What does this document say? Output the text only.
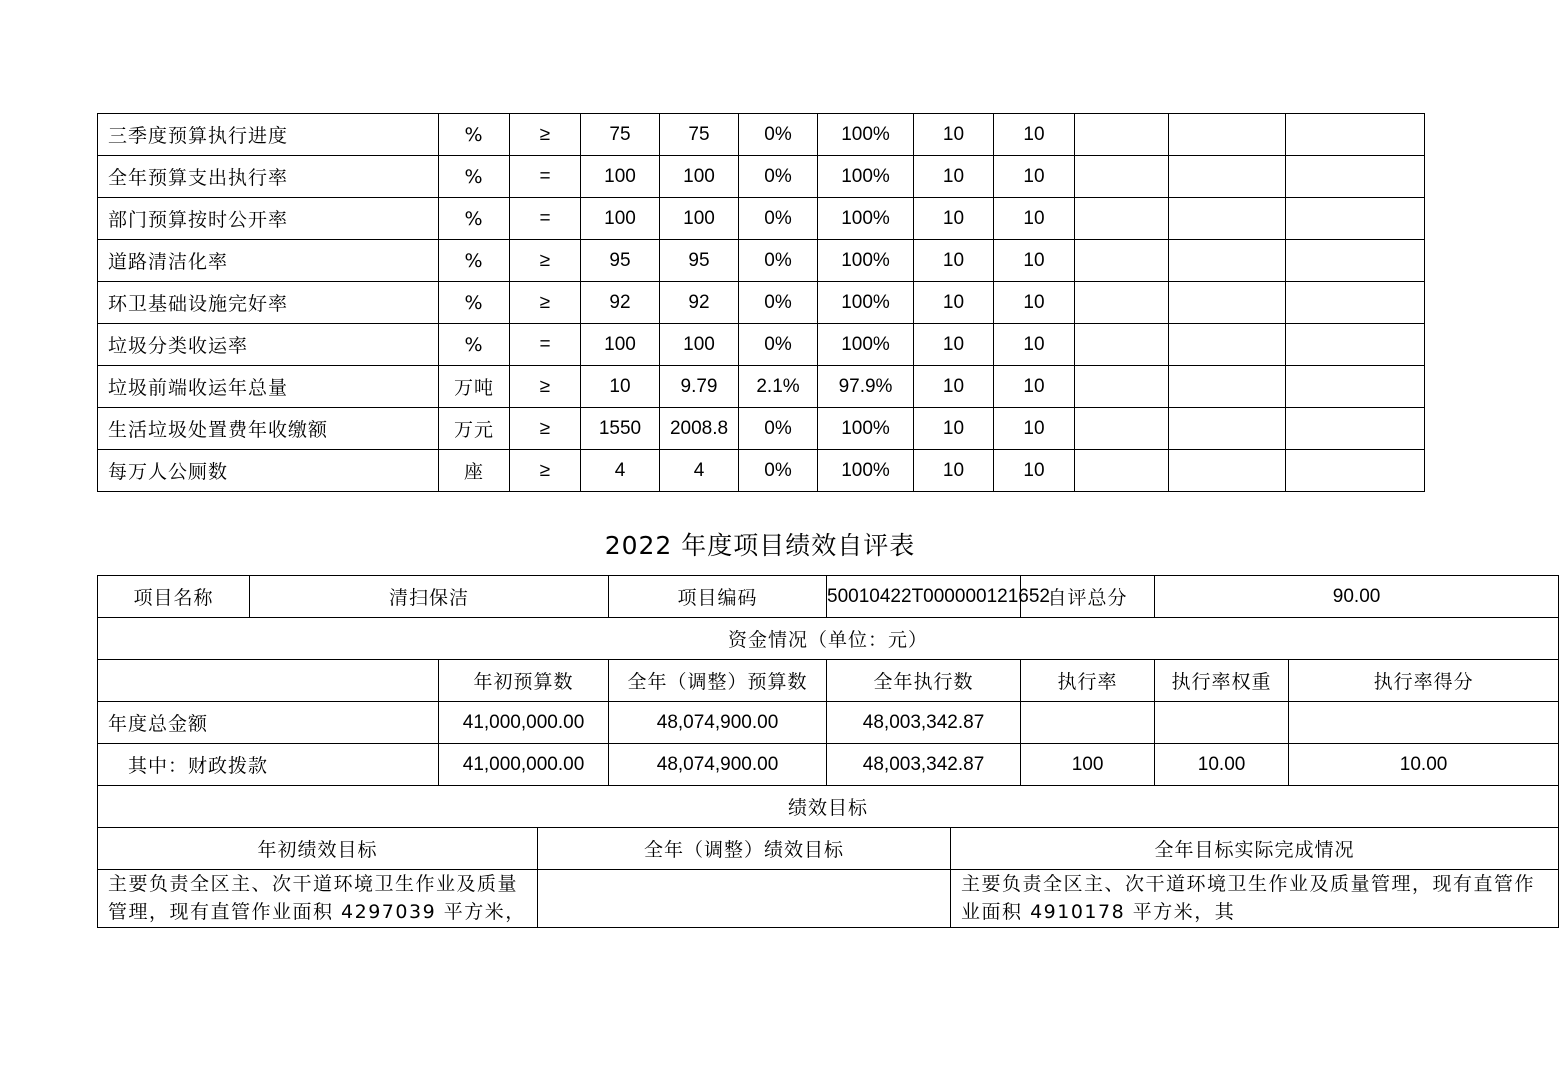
三季度预算执行进度	%	≥	75	75	0%	100%	10	10			
全年预算支出执行率	%	=	100	100	0%	100%	10	10			
部门预算按时公开率	%	=	100	100	0%	100%	10	10			
道路清洁化率	%	≥	95	95	0%	100%	10	10			
环卫基础设施完好率	%	≥	92	92	0%	100%	10	10			
垃圾分类收运率	%	=	100	100	0%	100%	10	10			
垃圾前端收运年总量	万吨	≥	10	9.79	2.1%	97.9%	10	10			
生活垃圾处置费年收缴额	万元	≥	1550	2008.8	0%	100%	10	10			
每万人公厕数	座	≥	4	4	0%	100%	10	10			
2022 年度项目绩效自评表
项目名称	清扫保洁			项目编码	50010422T000000121652		自评总分	90.00	
资金情况（单位：元）									
		年初预算数		全年（调整）预算数	全年执行数		执行率	执行率权重	执行率得分
年度总金额		41,000,000.00		48,074,900.00	48,003,342.87				
其中：财政拨款		41,000,000.00		48,074,900.00	48,003,342.87		100	10.00	10.00
绩效目标									
年初绩效目标			全年（调整）绩效目标			全年目标实际完成情况			
主要负责全区主、次干道环境卫生作业及质量管理，现有直管作业面积 4297039 平方米，						主要负责全区主、次干道环境卫生作业及质量管理，现有直管作业面积 4910178 平方米，其			
